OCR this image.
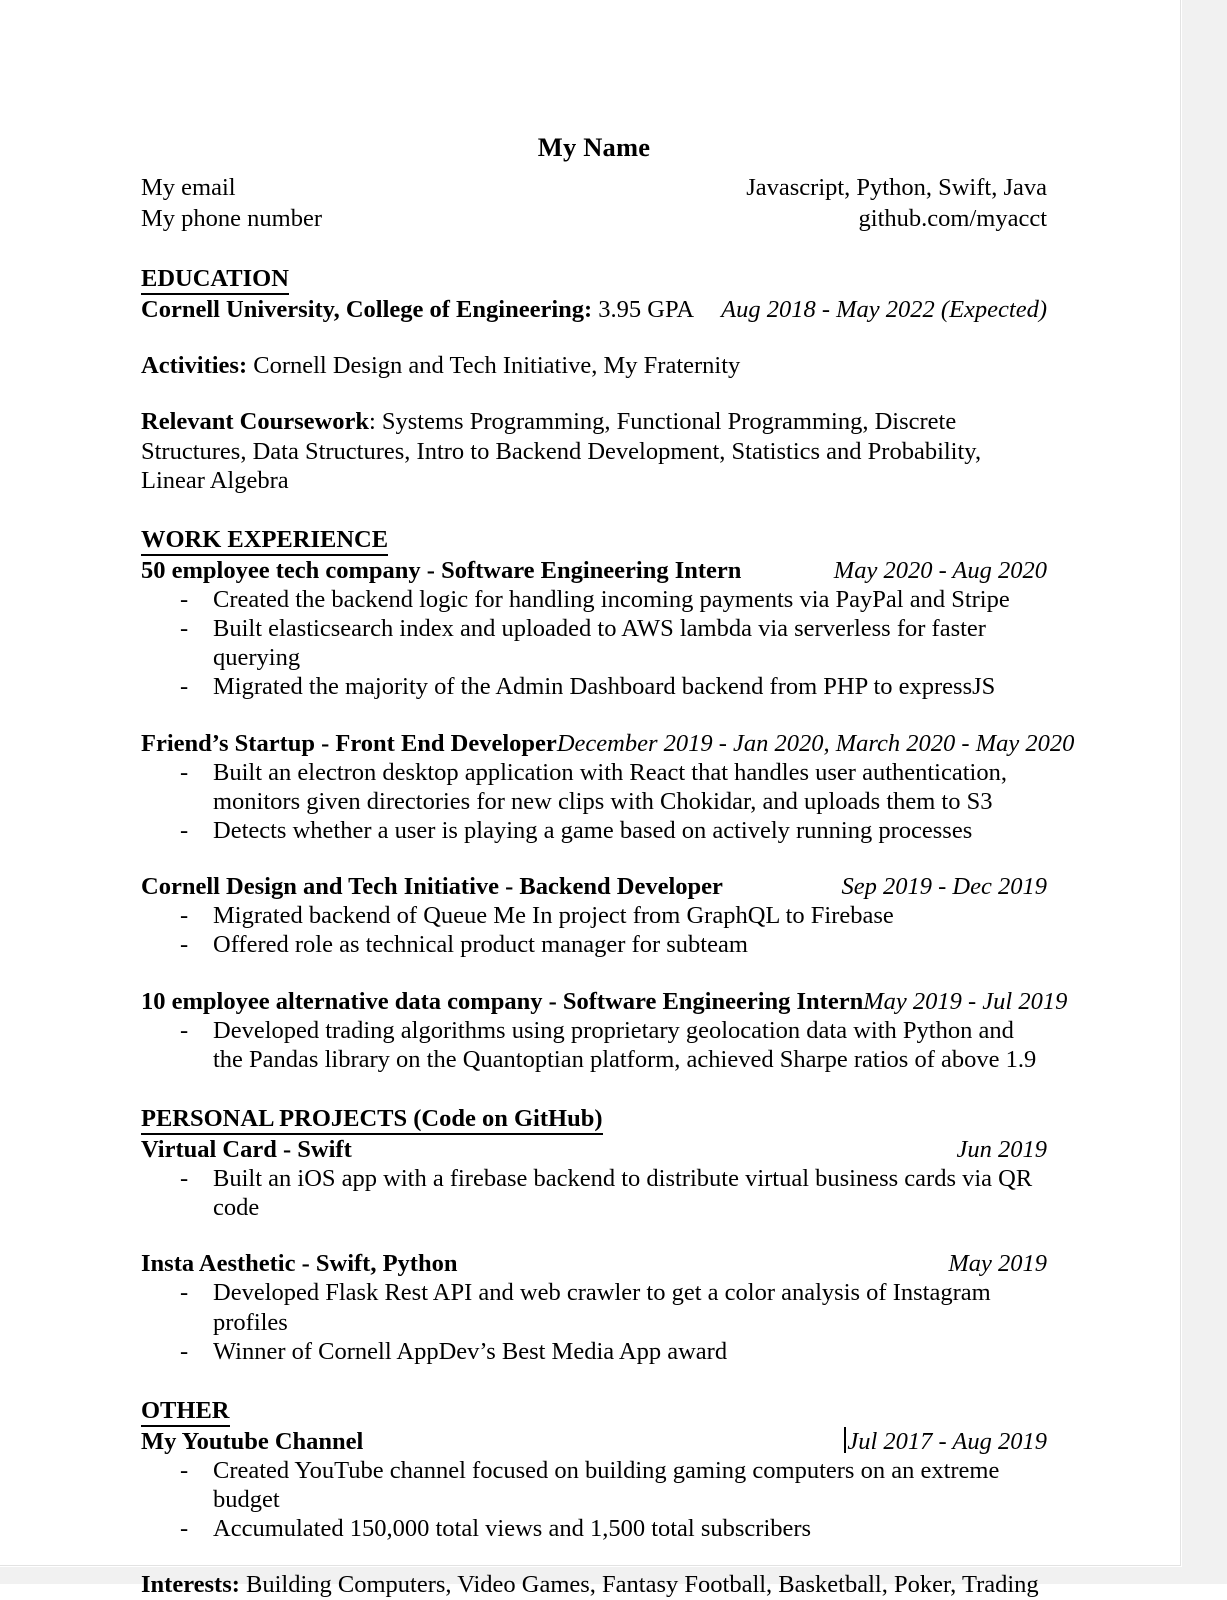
My Name
My email	Javascript, Python, Swift, Java
My phone number	github.com/myacct
EDUCATION
Cornell University, College of Engineering: 3.95 GPA Aug 2018 - May 2022 (Expected)
Activities: Cornell Design and Tech Initiative, My Fraternity
Relevant Coursework: Systems Programming, Functional Programming, Discrete Structures, Data Structures, Intro to Backend Development, Statistics and Probability, Linear Algebra
WORK EXPERIENCE
50 employee tech company - Software Engineering Intern	May 2020 - Aug 2020
- Created the backend logic for handling incoming payments via PayPal and Stripe
- Built elasticsearch index and uploaded to AWS lambda via serverless for faster querying
- Migrated the majority of the Admin Dashboard backend from PHP to expressJS
Friend’s Startup - Front End DeveloperDecember 2019 - Jan 2020, March 2020 - May 2020
- Built an electron desktop application with React that handles user authentication, monitors given directories for new clips with Chokidar, and uploads them to S3
- Detects whether a user is playing a game based on actively running processes
Cornell Design and Tech Initiative - Backend Developer	Sep 2019 - Dec 2019
- Migrated backend of Queue Me In project from GraphQL to Firebase
- Offered role as technical product manager for subteam
10 employee alternative data company - Software Engineering Intern May 2019 - Jul 2019
- Developed trading algorithms using proprietary geolocation data with Python and the Pandas library on the Quantoptian platform, achieved Sharpe ratios of above 1.9
PERSONAL PROJECTS (Code on GitHub)
Virtual Card - Swift	Jun 2019
- Built an iOS app with a firebase backend to distribute virtual business cards via QR code
Insta Aesthetic - Swift, Python	May 2019
- Developed Flask Rest API and web crawler to get a color analysis of Instagram profiles
- Winner of Cornell AppDev’s Best Media App award
OTHER
My Youtube Channel	Jul 2017 - Aug 2019
- Created YouTube channel focused on building gaming computers on an extreme budget
- Accumulated 150,000 total views and 1,500 total subscribers
Interests: Building Computers, Video Games, Fantasy Football, Basketball, Poker, Trading
